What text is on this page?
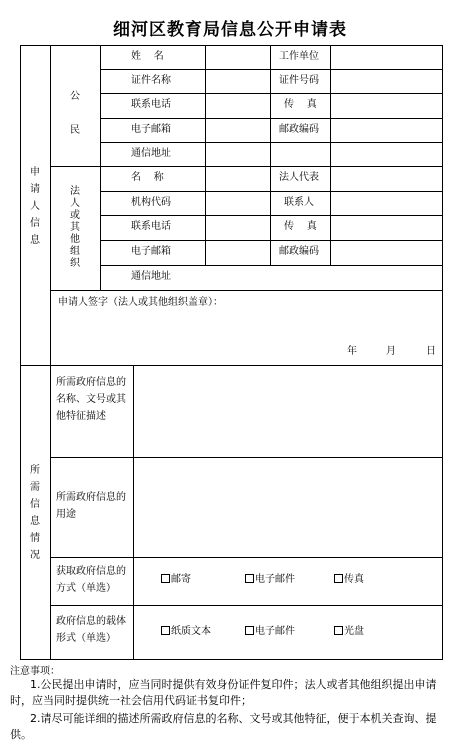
细河区教育局信息公开申请表
申请人信息
所需信息情况
公民
法人或其他组织
姓    名	工作单位
证件名称	证件号码
联系电话	传    真
电子邮箱	邮政编码
通信地址
名    称	法人代表
机构代码	联系人
联系电话	传    真
电子邮箱	邮政编码
通信地址
申请人签字（法人或其他组织盖章）：
年	月	日
所需政府信息的名称、文号或其他特征描述
所需政府信息的用途
获取政府信息的方式（单选）
邮寄	电子邮件	传真
政府信息的载体形式（单选）
纸质文本	电子邮件	光盘
注意事项：
1.公民提出申请时，应当同时提供有效身份证件复印件；法人或者其他组织提出申请时，应当同时提供统一社会信用代码证书复印件；
2.请尽可能详细的描述所需政府信息的名称、文号或其他特征，便于本机关查询、提供。
